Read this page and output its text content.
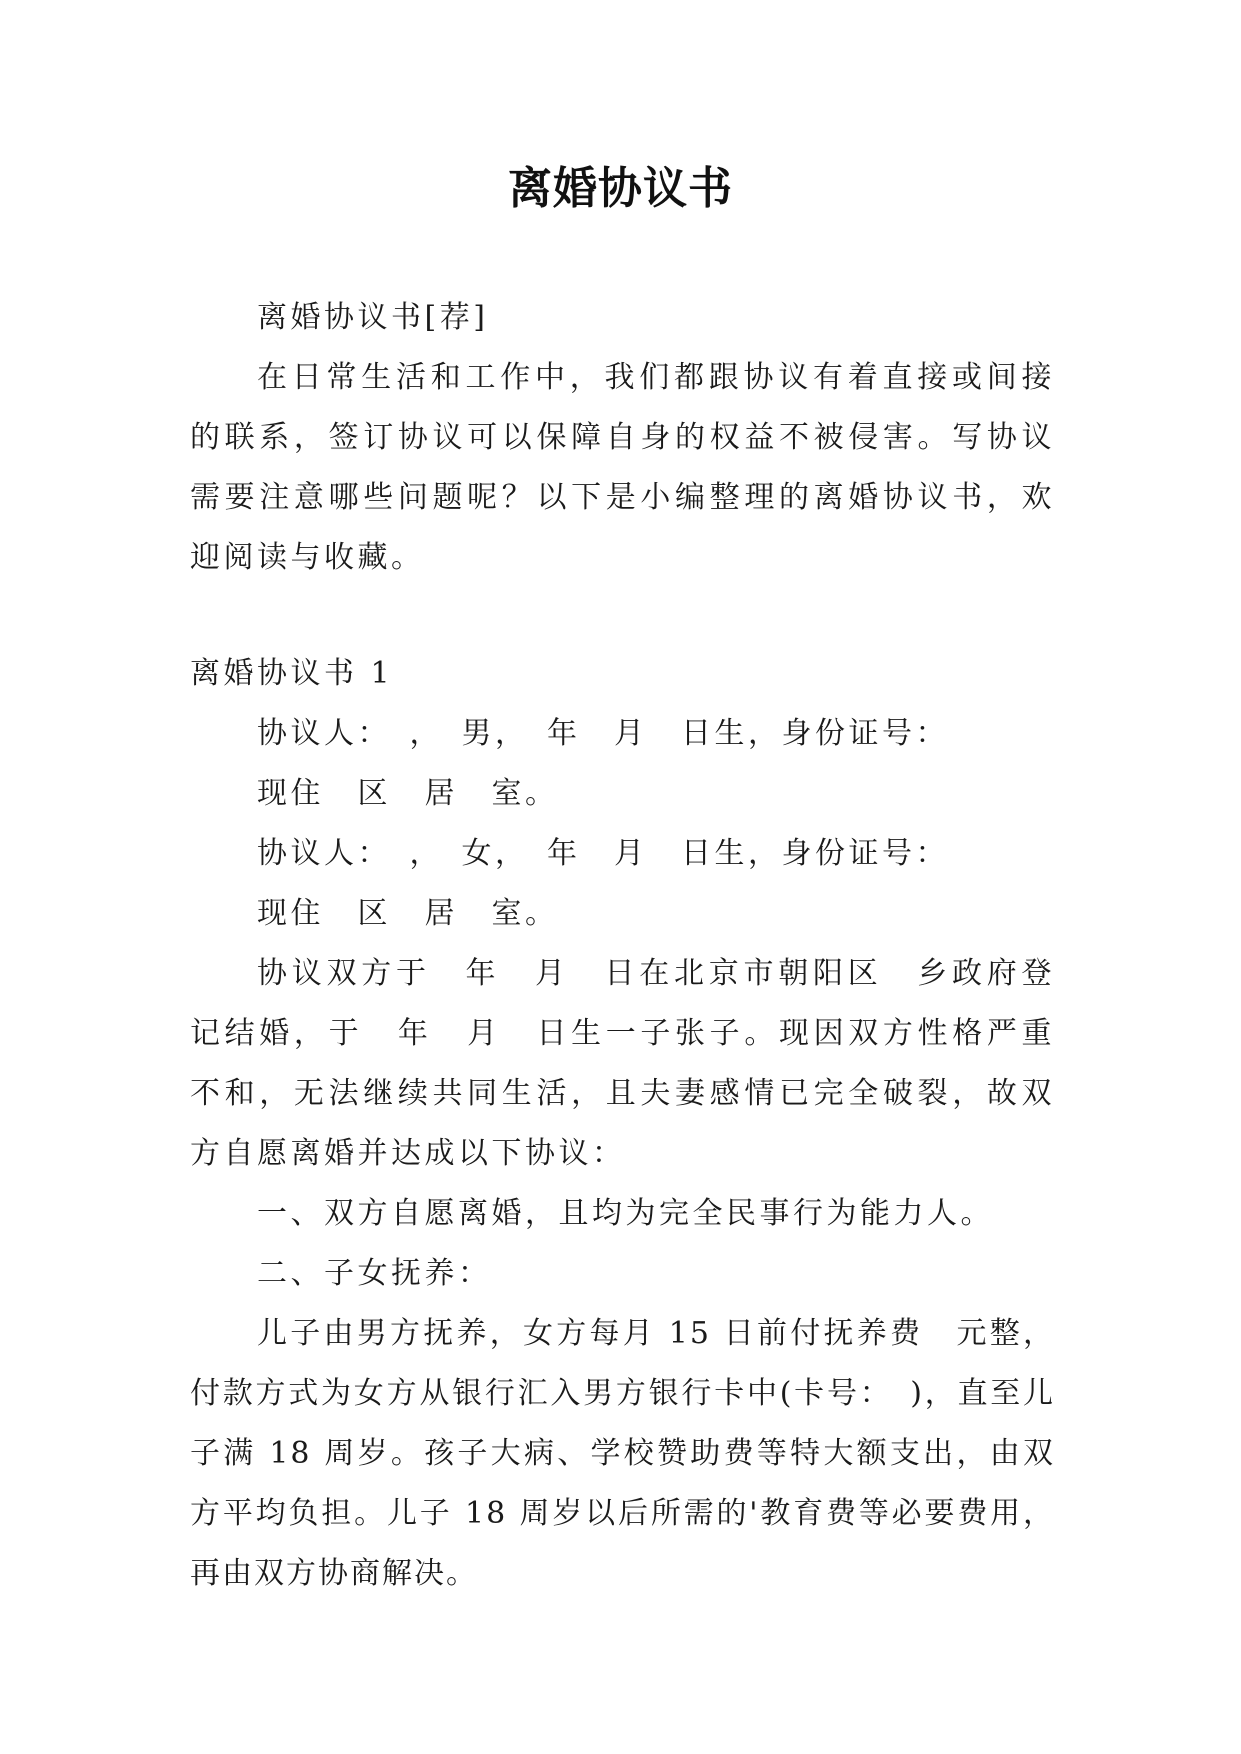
离婚协议书

离婚协议书[荐]

在日常生活和工作中，我们都跟协议有着直接或间接的联系，签订协议可以保障自身的权益不被侵害。写协议需要注意哪些问题呢？以下是小编整理的离婚协议书，欢迎阅读与收藏。

离婚协议书 1

协议人：　，　男，　年　月　日生，身份证号：

现住　区　居　室。

协议人：　，　女，　年　月　日生，身份证号：

现住　区　居　室。

协议双方于　年　月　日在北京市朝阳区　乡政府登记结婚，于　年　月　日生一子张子。现因双方性格严重不和，无法继续共同生活，且夫妻感情已完全破裂，故双方自愿离婚并达成以下协议：

一、双方自愿离婚，且均为完全民事行为能力人。

二、子女抚养：

儿子由男方抚养，女方每月 15 日前付抚养费　元整，付款方式为女方从银行汇入男方银行卡中(卡号：　)，直至儿子满 18 周岁。孩子大病、学校赞助费等特大额支出，由双方平均负担。儿子 18 周岁以后所需的'教育费等必要费用，再由双方协商解决。
